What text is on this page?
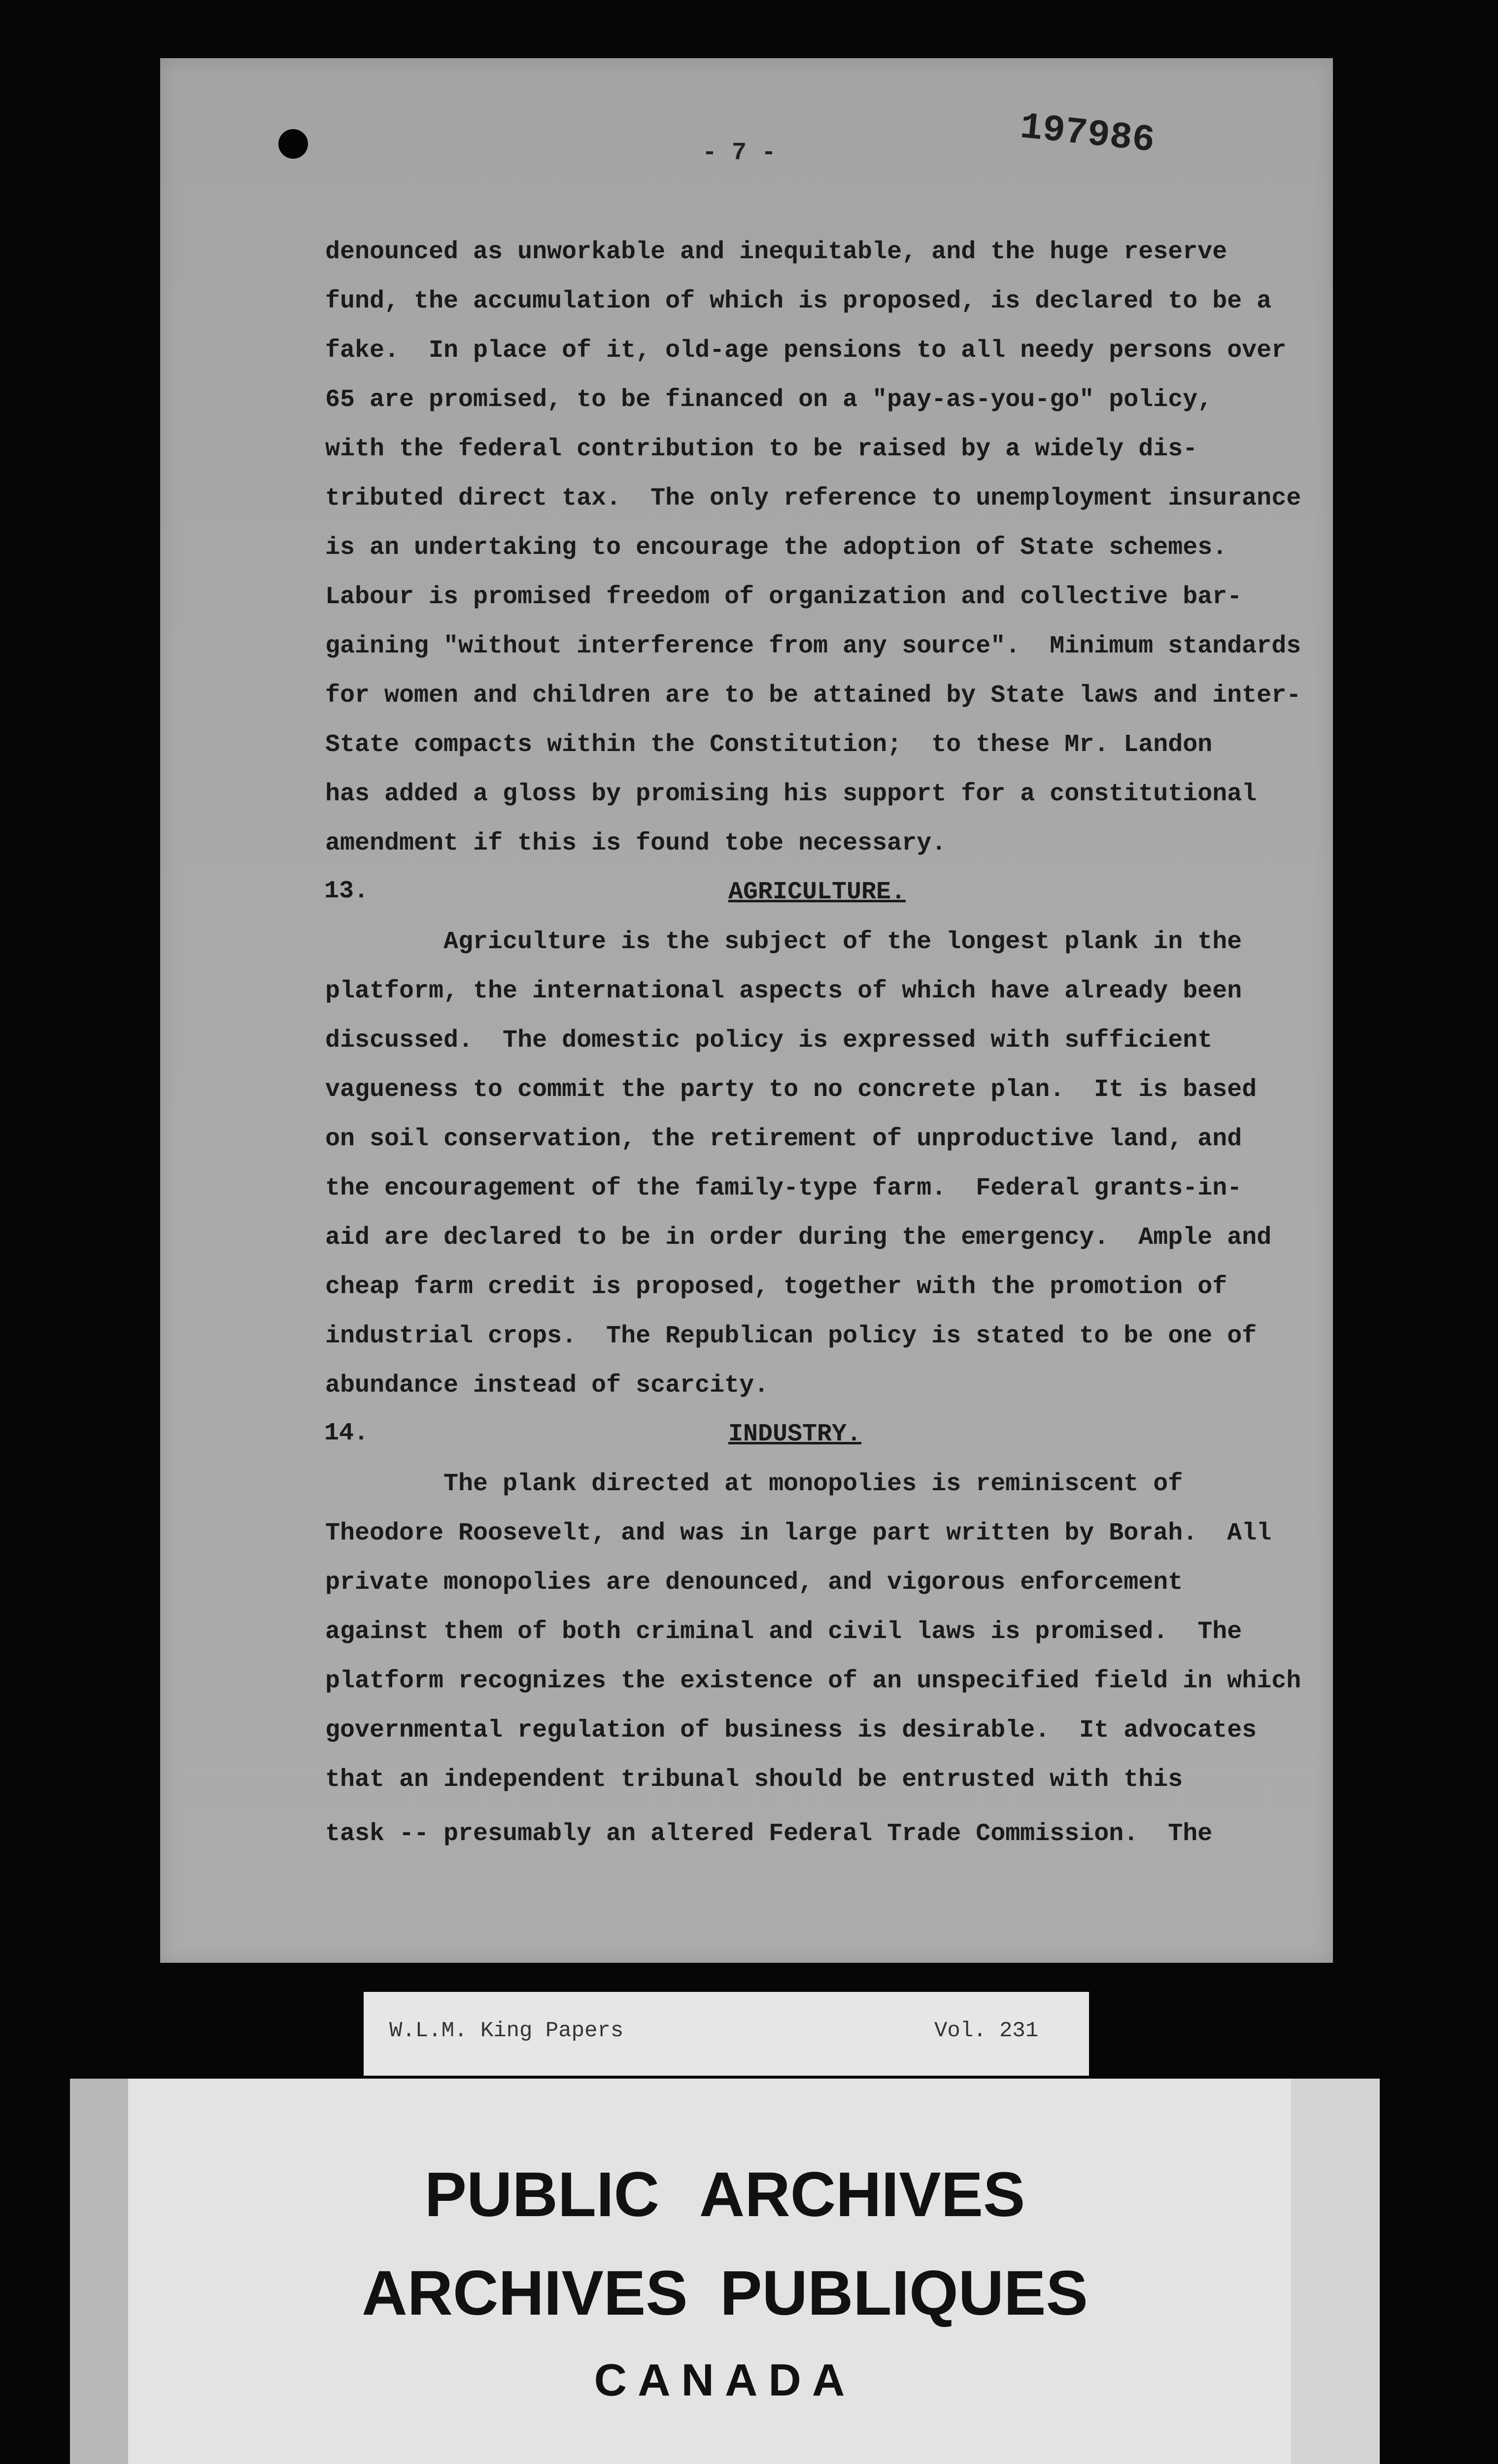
- 7 -	197986
denounced as unworkable and inequitable, and the huge reserve
fund, the accumulation of which is proposed, is declared to be a
fake.  In place of it, old-age pensions to all needy persons over
65 are promised, to be financed on a "pay-as-you-go" policy,
with the federal contribution to be raised by a widely dis-
tributed direct tax.  The only reference to unemployment insurance
is an undertaking to encourage the adoption of State schemes.
Labour is promised freedom of organization and collective bar-
gaining "without interference from any source".  Minimum standards
for women and children are to be attained by State laws and inter-
State compacts within the Constitution;  to these Mr. Landon
has added a gloss by promising his support for a constitutional
amendment if this is found tobe necessary.
13.	AGRICULTURE.
Agriculture is the subject of the longest plank in the
platform, the international aspects of which have already been
discussed.  The domestic policy is expressed with sufficient
vagueness to commit the party to no concrete plan.  It is based
on soil conservation, the retirement of unproductive land, and
the encouragement of the family-type farm.  Federal grants-in-
aid are declared to be in order during the emergency.  Ample and
cheap farm credit is proposed, together with the promotion of
industrial crops.  The Republican policy is stated to be one of
abundance instead of scarcity.
14.	INDUSTRY.
The plank directed at monopolies is reminiscent of
Theodore Roosevelt, and was in large part written by Borah.  All
private monopolies are denounced, and vigorous enforcement
against them of both criminal and civil laws is promised.  The
platform recognizes the existence of an unspecified field in which
governmental regulation of business is desirable.  It advocates
that an independent tribunal should be entrusted with this
task -- presumably an altered Federal Trade Commission.  The
W.L.M. King Papers	Vol. 231
PUBLIC ARCHIVES
ARCHIVES PUBLIQUES
CANADA
